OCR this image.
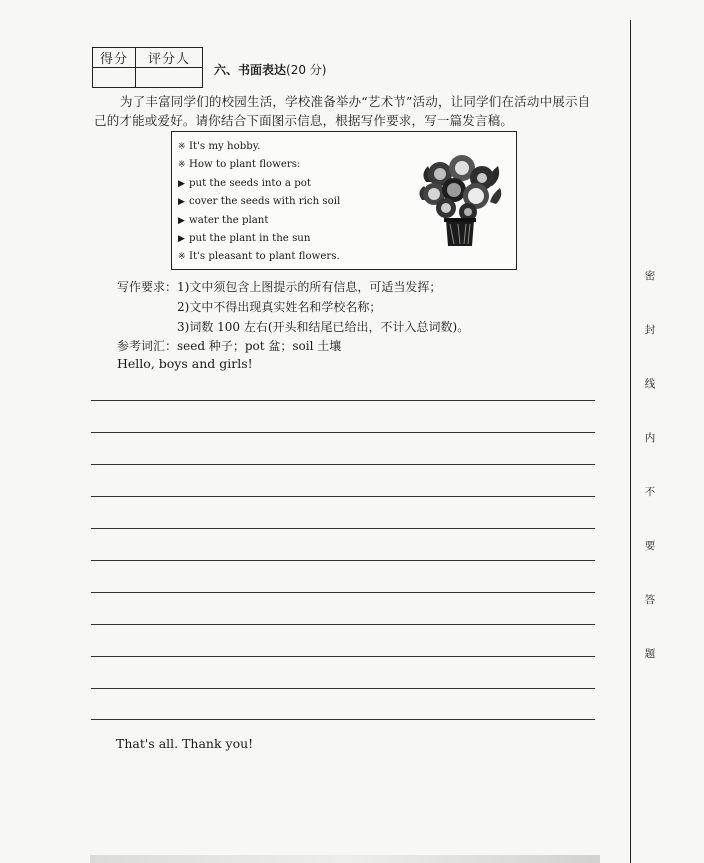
得分	评分人

六、书面表达(20 分)

为了丰富同学们的校园生活，学校准备举办“艺术节”活动，让同学们在活动中展示自己的才能或爱好。请你结合下面图示信息，根据写作要求，写一篇发言稿。

※ It's my hobby.
※ How to plant flowers:
▶ put the seeds into a pot
▶ cover the seeds with rich soil
▶ water the plant
▶ put the plant in the sun
※ It's pleasant to plant flowers.
写作要求：1)文中须包含上图提示的所有信息，可适当发挥；
2)文中不得出现真实姓名和学校名称；
3)词数 100 左右(开头和结尾已给出，不计入总词数)。
参考词汇：seed 种子；pot 盆；soil 土壤
Hello, boys and girls!
That's all. Thank you!
密
封
线
内
不
要
答
题
